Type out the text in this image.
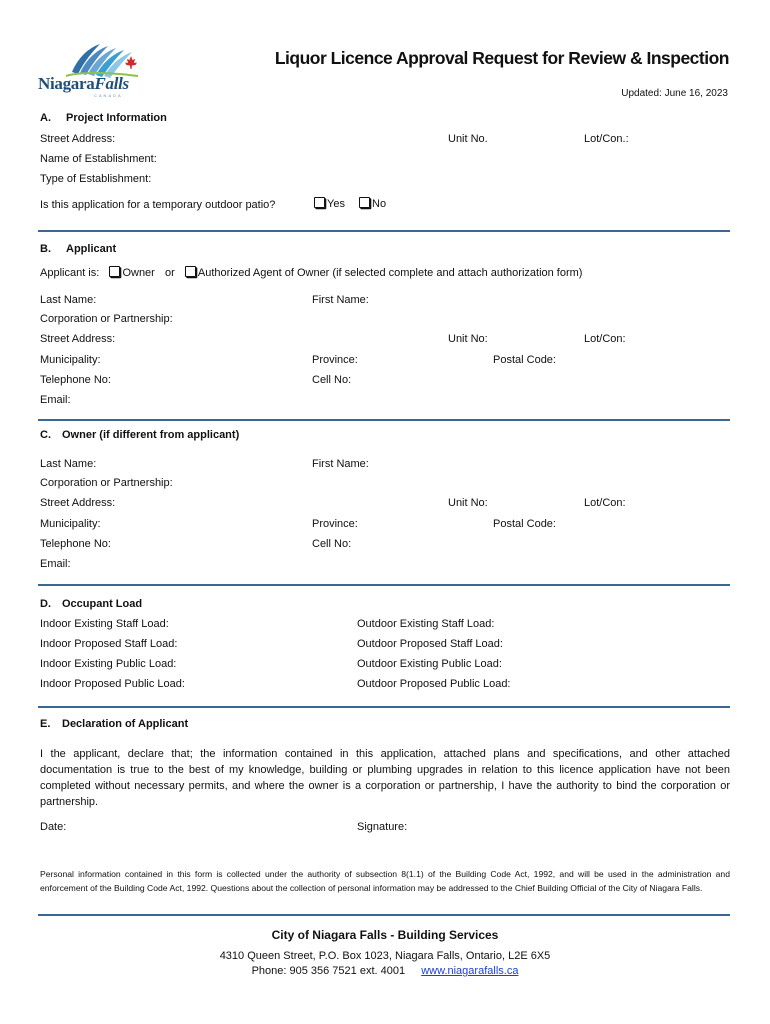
NiagaraFalls
CANADA
Liquor Licence Approval Request for Review & Inspection
Updated: June 16, 2023
A. Project Information
Street Address:	Unit No.	Lot/Con.:
Name of Establishment:
Type of Establishment:
Is this application for a temporary outdoor patio?	Yes	No
B. Applicant
Applicant is: Owner or Authorized Agent of Owner (if selected complete and attach authorization form)
Last Name:	First Name:
Corporation or Partnership:
Street Address:	Unit No:	Lot/Con:
Municipality:	Province:	Postal Code:
Telephone No:	Cell No:
Email:
C. Owner (if different from applicant)
Last Name:	First Name:
Corporation or Partnership:
Street Address:	Unit No:	Lot/Con:
Municipality:	Province:	Postal Code:
Telephone No:	Cell No:
Email:
D. Occupant Load
Indoor Existing Staff Load:	Outdoor Existing Staff Load:
Indoor Proposed Staff Load:	Outdoor Proposed Staff Load:
Indoor Existing Public Load:	Outdoor Existing Public Load:
Indoor Proposed Public Load:	Outdoor Proposed Public Load:
E. Declaration of Applicant
I the applicant, declare that; the information contained in this application, attached plans and specifications, and other attached documentation is true to the best of my knowledge, building or plumbing upgrades in relation to this licence application have not been completed without necessary permits, and where the owner is a corporation or partnership, I have the authority to bind the corporation or partnership.
Date:	Signature:
Personal information contained in this form is collected under the authority of subsection 8(1.1) of the Building Code Act, 1992, and will be used in the administration and enforcement of the Building Code Act, 1992. Questions about the collection of personal information may be addressed to the Chief Building Official of the City of Niagara Falls.
City of Niagara Falls - Building Services
4310 Queen Street, P.O. Box 1023, Niagara Falls, Ontario, L2E 6X5
Phone: 905 356 7521 ext. 4001 www.niagarafalls.ca
